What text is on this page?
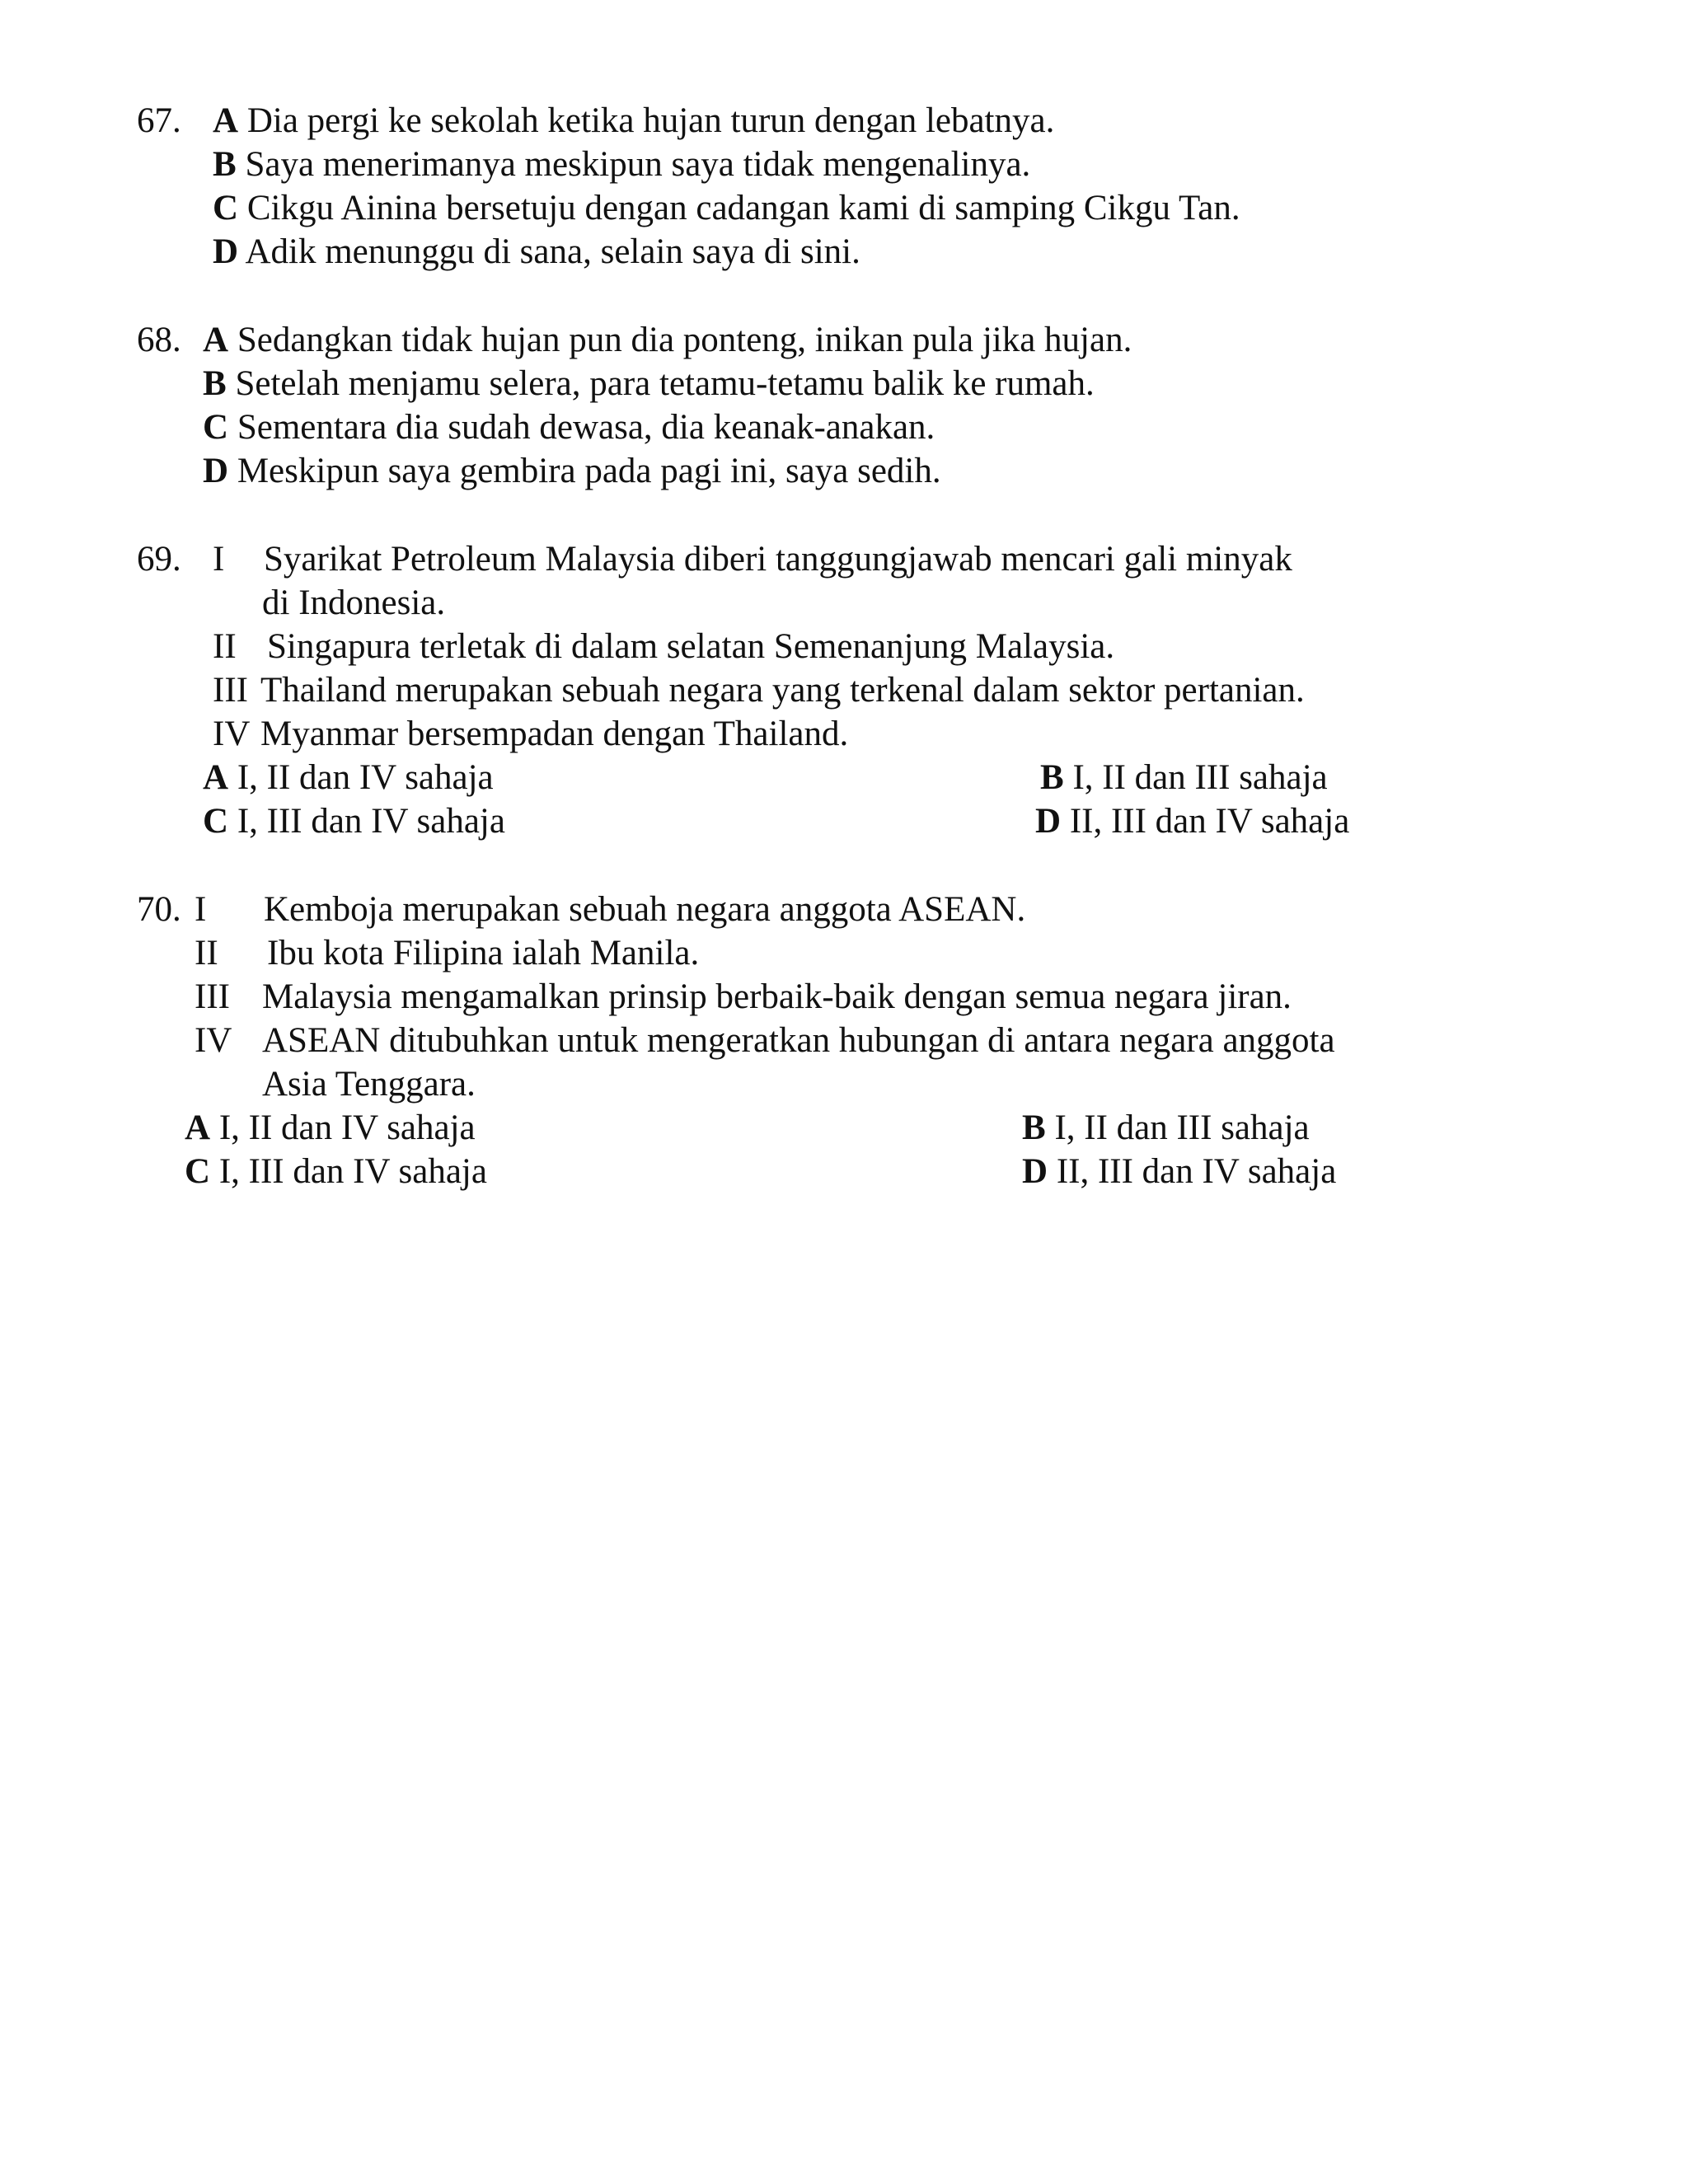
67. A Dia pergi ke sekolah ketika hujan turun dengan lebatnya.
B Saya menerimanya meskipun saya tidak mengenalinya.
C Cikgu Ainina bersetuju dengan cadangan kami di samping Cikgu Tan.
D Adik menunggu di sana, selain saya di sini.
68. A Sedangkan tidak hujan pun dia ponteng, inikan pula jika hujan.
B Setelah menjamu selera, para tetamu-tetamu balik ke rumah.
C Sementara dia sudah dewasa, dia keanak-anakan.
D Meskipun saya gembira pada pagi ini, saya sedih.
69. I Syarikat Petroleum Malaysia diberi tanggungjawab mencari gali minyak
di Indonesia.
II Singapura terletak di dalam selatan Semenanjung Malaysia.
III Thailand merupakan sebuah negara yang terkenal dalam sektor pertanian.
IV Myanmar bersempadan dengan Thailand.
A I, II dan IV sahaja	B I, II dan III sahaja
C I, III dan IV sahaja	D II, III dan IV sahaja
70. I Kemboja merupakan sebuah negara anggota ASEAN.
II Ibu kota Filipina ialah Manila.
III Malaysia mengamalkan prinsip berbaik-baik dengan semua negara jiran.
IV ASEAN ditubuhkan untuk mengeratkan hubungan di antara negara anggota
Asia Tenggara.
A I, II dan IV sahaja	B I, II dan III sahaja
C I, III dan IV sahaja	D II, III dan IV sahaja
